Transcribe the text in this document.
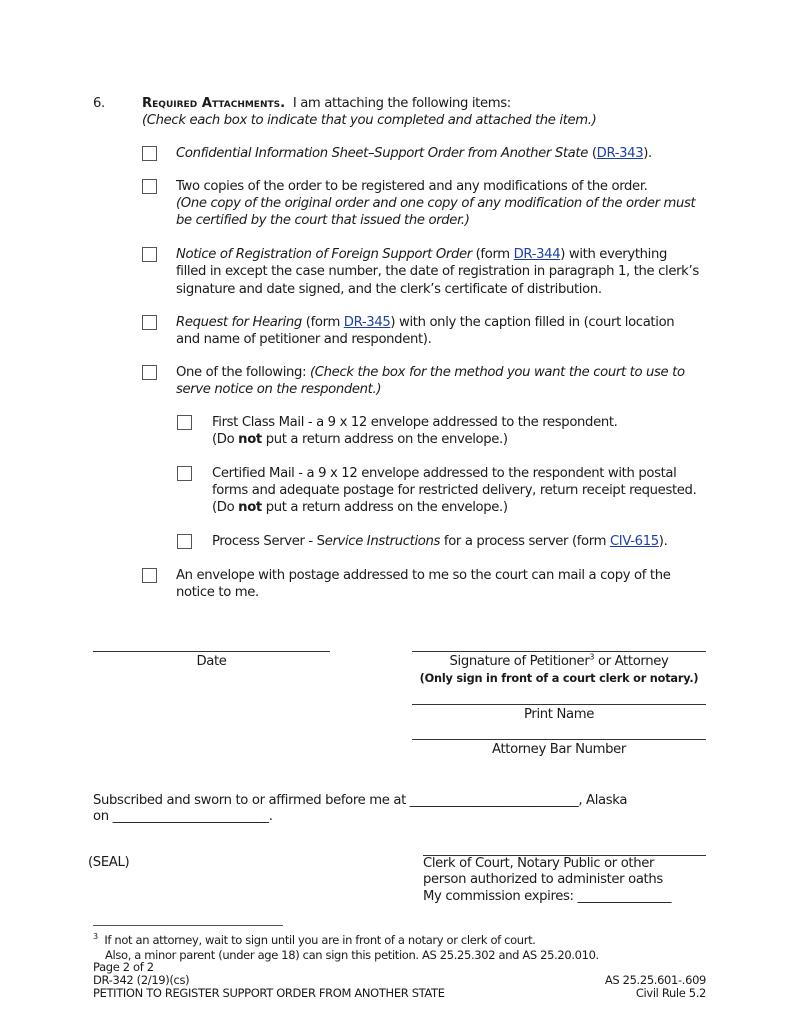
6.	Required Attachments. I am attaching the following items:
(Check each box to indicate that you completed and attached the item.)
Confidential Information Sheet–Support Order from Another State (DR-343).
Two copies of the order to be registered and any modifications of the order.
(One copy of the original order and one copy of any modification of the order must
be certified by the court that issued the order.)
Notice of Registration of Foreign Support Order (form DR-344) with everything
filled in except the case number, the date of registration in paragraph 1, the clerk’s
signature and date signed, and the clerk’s certificate of distribution.
Request for Hearing (form DR-345) with only the caption filled in (court location
and name of petitioner and respondent).
One of the following: (Check the box for the method you want the court to use to
serve notice on the respondent.)
First Class Mail - a 9 x 12 envelope addressed to the respondent.
(Do not put a return address on the envelope.)
Certified Mail - a 9 x 12 envelope addressed to the respondent with postal
forms and adequate postage for restricted delivery, return receipt requested.
(Do not put a return address on the envelope.)
Process Server - Service Instructions for a process server (form CIV-615).
An envelope with postage addressed to me so the court can mail a copy of the
notice to me.
Date	Signature of Petitioner$^3$ or Attorney
(Only sign in front of a court clerk or notary.)
Print Name
Attorney Bar Number
Subscribed and sworn to or affirmed before me at ___________________________, Alaska
on _________________________.
(SEAL)	Clerk of Court, Notary Public or other
person authorized to administer oaths
My commission expires: _______________
$^3$ If not an attorney, wait to sign until you are in front of a notary or clerk of court.
Also, a minor parent (under age 18) can sign this petition. AS 25.25.302 and AS 25.20.010.
Page 2 of 2
DR-342 (2/19)(cs)
PETITION TO REGISTER SUPPORT ORDER FROM ANOTHER STATE
AS 25.25.601-.609
Civil Rule 5.2
